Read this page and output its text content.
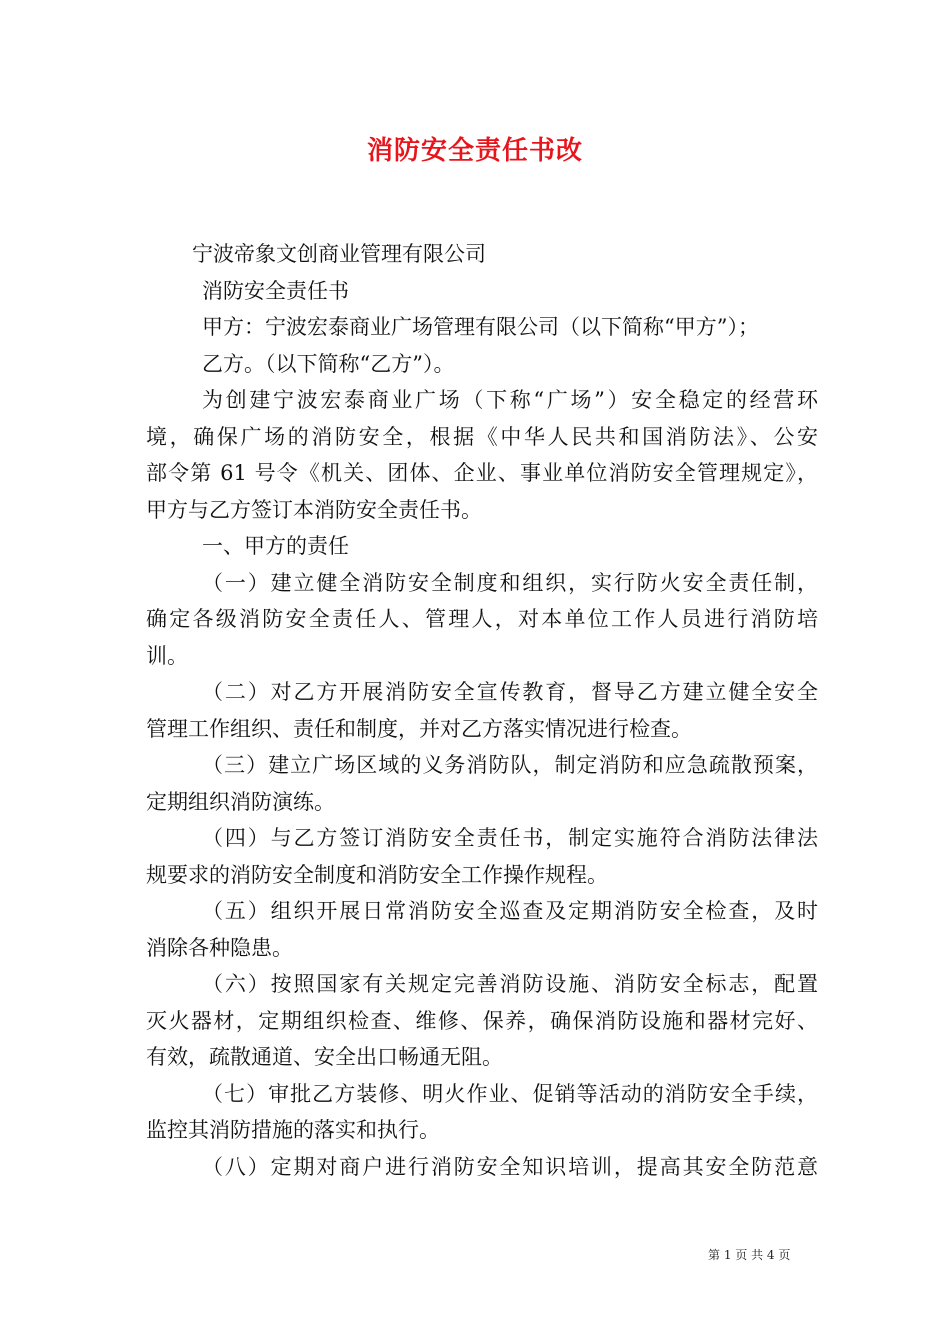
消防安全责任书改
宁波帝象文创商业管理有限公司
消防安全责任书
甲方：宁波宏泰商业广场管理有限公司（以下简称“甲方”）；
乙方。（以下简称“乙方”）。
为创建宁波宏泰商业广场（下称“广场”）安全稳定的经营环
境，确保广场的消防安全，根据《中华人民共和国消防法》、公安
部令第 61 号令《机关、团体、企业、事业单位消防安全管理规定》，
甲方与乙方签订本消防安全责任书。
一、甲方的责任
（一）建立健全消防安全制度和组织，实行防火安全责任制，
确定各级消防安全责任人、管理人，对本单位工作人员进行消防培
训。
（二）对乙方开展消防安全宣传教育，督导乙方建立健全安全
管理工作组织、责任和制度，并对乙方落实情况进行检查。
（三）建立广场区域的义务消防队，制定消防和应急疏散预案，
定期组织消防演练。
（四）与乙方签订消防安全责任书，制定实施符合消防法律法
规要求的消防安全制度和消防安全工作操作规程。
（五）组织开展日常消防安全巡查及定期消防安全检查，及时
消除各种隐患。
（六）按照国家有关规定完善消防设施、消防安全标志，配置
灭火器材，定期组织检查、维修、保养，确保消防设施和器材完好、
有效，疏散通道、安全出口畅通无阻。
（七）审批乙方装修、明火作业、促销等活动的消防安全手续，
监控其消防措施的落实和执行。
（八）定期对商户进行消防安全知识培训，提高其安全防范意
第 1 页 共 4 页
